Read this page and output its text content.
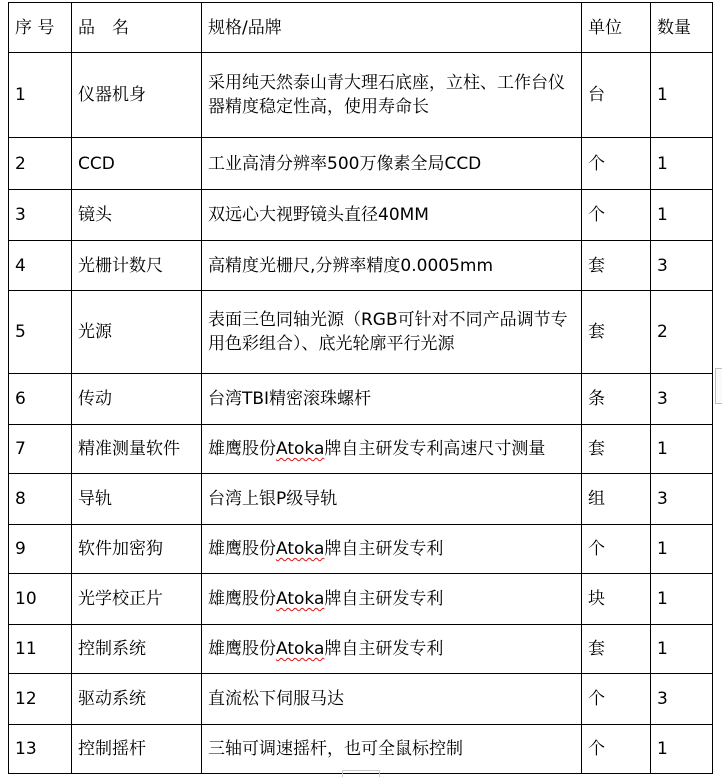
序 号	品　名	规格/品牌	单位	数量
1	仪器机身	采用纯天然泰山青大理石底座，立柱、工作台仪器精度稳定性高，使用寿命长	台	1
2	CCD	工业高清分辨率500万像素全局CCD	个	1
3	镜头	双远心大视野镜头直径40MM	个	1
4	光栅计数尺	高精度光栅尺,分辨率精度0.0005mm	套	3
5	光源	表面三色同轴光源（RGB可针对不同产品调节专用色彩组合）、底光轮廓平行光源	套	2
6	传动	台湾TBI精密滚珠螺杆	条	3
7	精准测量软件	雄鹰股份Atoka牌自主研发专利高速尺寸测量	套	1
8	导轨	台湾上银P级导轨	组	3
9	软件加密狗	雄鹰股份Atoka牌自主研发专利	个	1
10	光学校正片	雄鹰股份Atoka牌自主研发专利	块	1
11	控制系统	雄鹰股份Atoka牌自主研发专利	套	1
12	驱动系统	直流松下伺服马达	个	3
13	控制摇杆	三轴可调速摇杆，也可全鼠标控制	个	1
